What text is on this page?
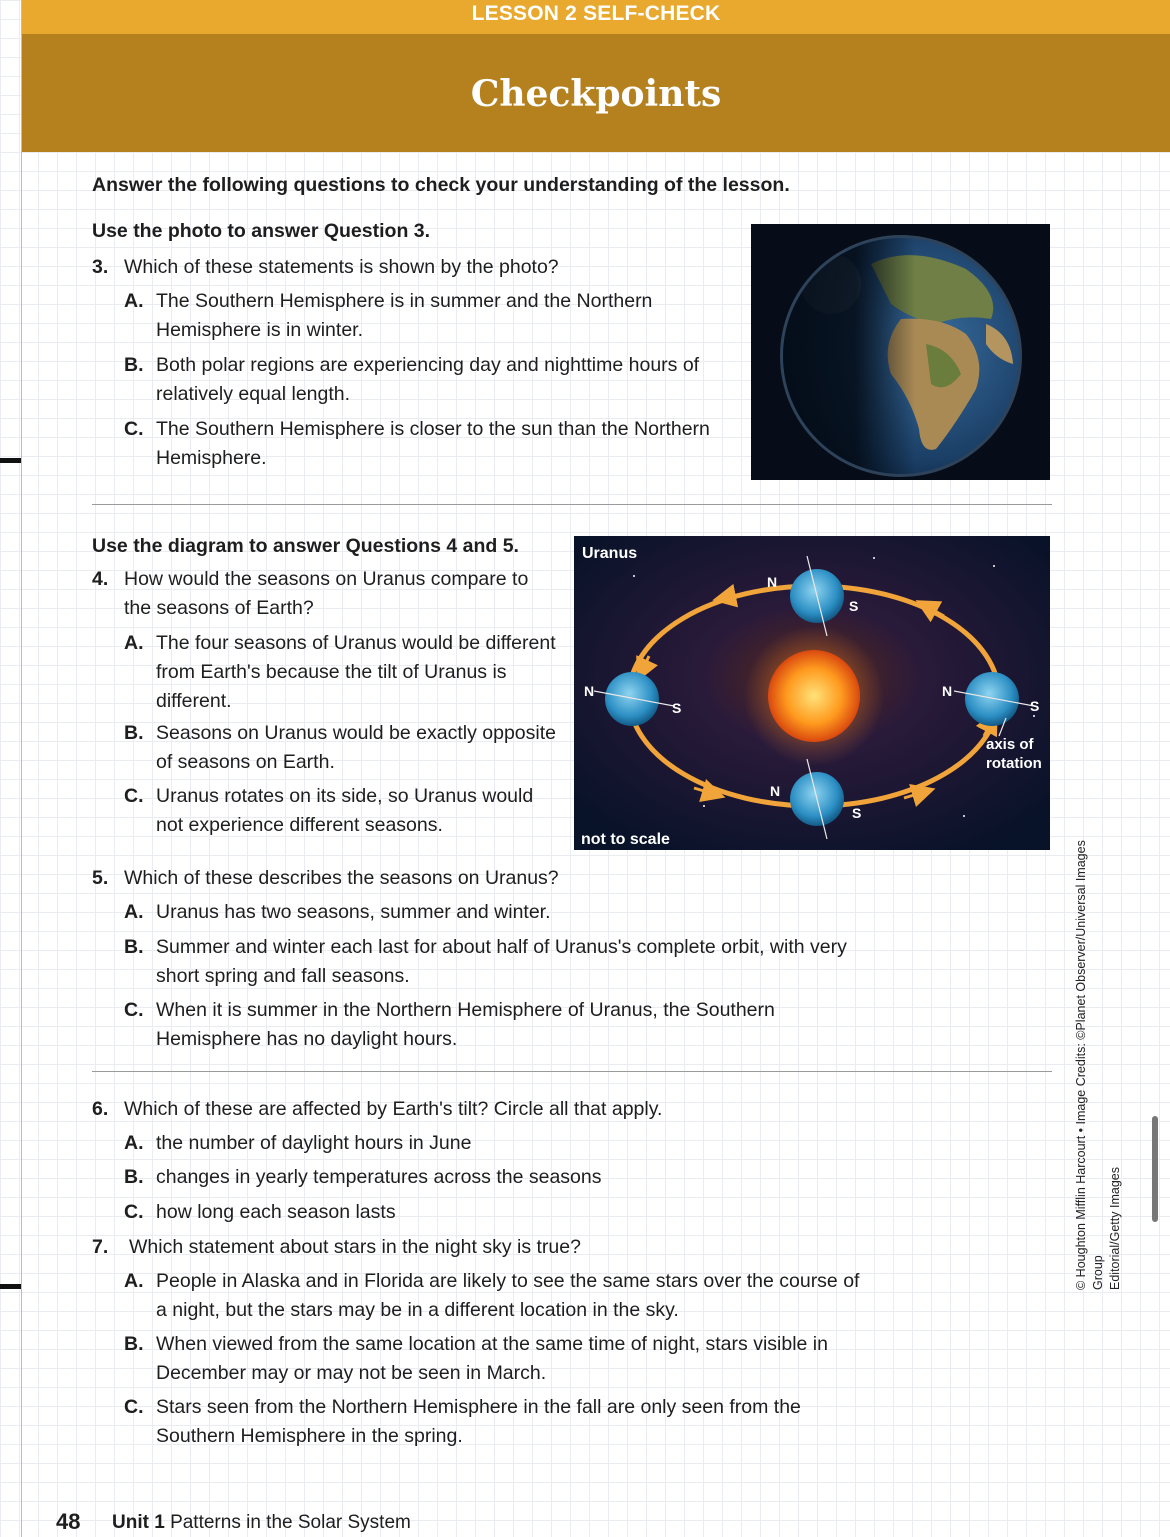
LESSON 2 SELF-CHECK
Checkpoints

Answer the following questions to check your understanding of the lesson.

Use the photo to answer Question 3.

3. Which of these statements is shown by the photo?
A. The Southern Hemisphere is in summer and the Northern Hemisphere is in winter.
B. Both polar regions are experiencing day and nighttime hours of relatively equal length.
C. The Southern Hemisphere is closer to the sun than the Northern Hemisphere.

Use the diagram to answer Questions 4 and 5.

4. How would the seasons on Uranus compare to the seasons of Earth?
A. The four seasons of Uranus would be different from Earth's because the tilt of Uranus is different.
B. Seasons on Uranus would be exactly opposite of seasons on Earth.
C. Uranus rotates on its side, so Uranus would not experience different seasons.
Uranus
N
S
N
S
N
S
N
S
axis of
rotation
not to scale
5. Which of these describes the seasons on Uranus?
A. Uranus has two seasons, summer and winter.
B. Summer and winter each last for about half of Uranus's complete orbit, with very short spring and fall seasons.
C. When it is summer in the Northern Hemisphere of Uranus, the Southern Hemisphere has no daylight hours.
6. Which of these are affected by Earth's tilt? Circle all that apply.
A. the number of daylight hours in June
B. changes in yearly temperatures across the seasons
C. how long each season lasts
7. Which statement about stars in the night sky is true?
A. People in Alaska and in Florida are likely to see the same stars over the course of a night, but the stars may be in a different location in the sky.
B. When viewed from the same location at the same time of night, stars visible in December may or may not be seen in March.
C. Stars seen from the Northern Hemisphere in the fall are only seen from the Southern Hemisphere in the spring.
© Houghton Mifflin Harcourt • Image Credits: ©Planet Observer/Universal Images Group Editorial/Getty Images
48 Unit 1 Patterns in the Solar System
